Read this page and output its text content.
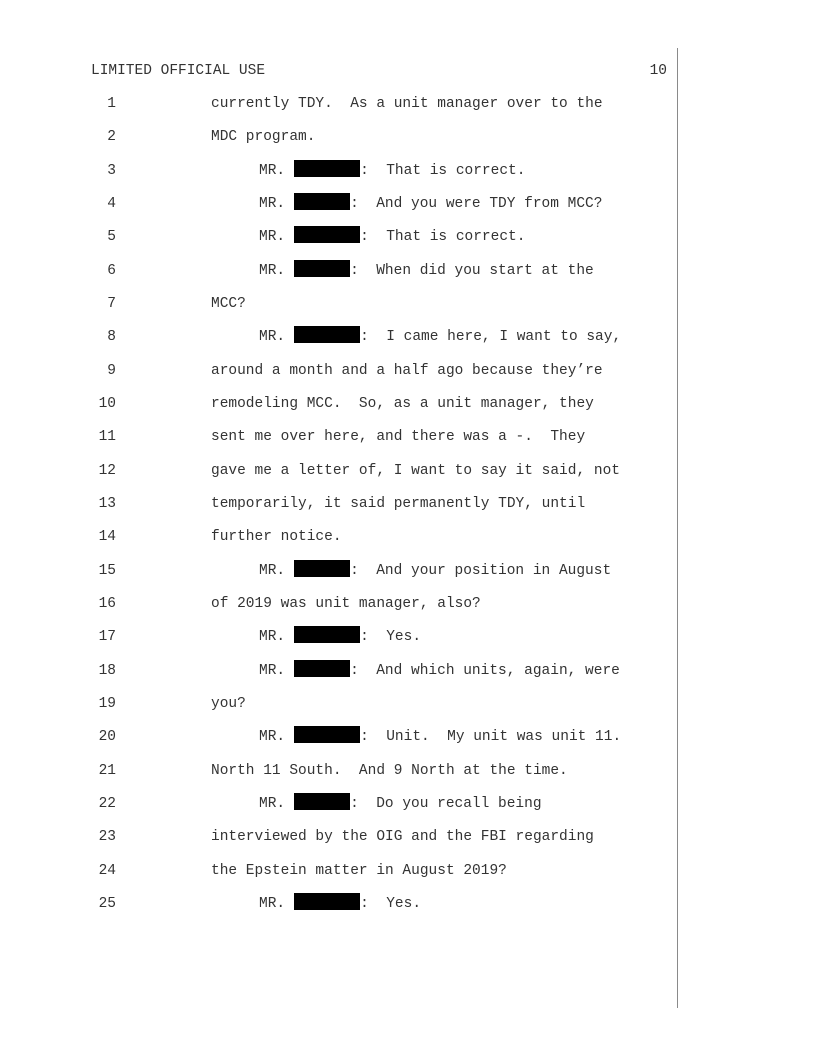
LIMITED OFFICIAL USE	10
1	currently TDY.  As a unit manager over to the
2	MDC program.
3	MR.	:  That is correct.
4	MR.	:  And you were TDY from MCC?
5	MR.	:  That is correct.
6	MR.	:  When did you start at the
7	MCC?
8	MR.	:  I came here, I want to say,
9	around a month and a half ago because they’re
10	remodeling MCC.  So, as a unit manager, they
11	sent me over here, and there was a -.  They
12	gave me a letter of, I want to say it said, not
13	temporarily, it said permanently TDY, until
14	further notice.
15	MR.	:  And your position in August
16	of 2019 was unit manager, also?
17	MR.	:  Yes.
18	MR.	:  And which units, again, were
19	you?
20	MR.	:  Unit.  My unit was unit 11.
21	North 11 South.  And 9 North at the time.
22	MR.	:  Do you recall being
23	interviewed by the OIG and the FBI regarding
24	the Epstein matter in August 2019?
25	MR.	:  Yes.
